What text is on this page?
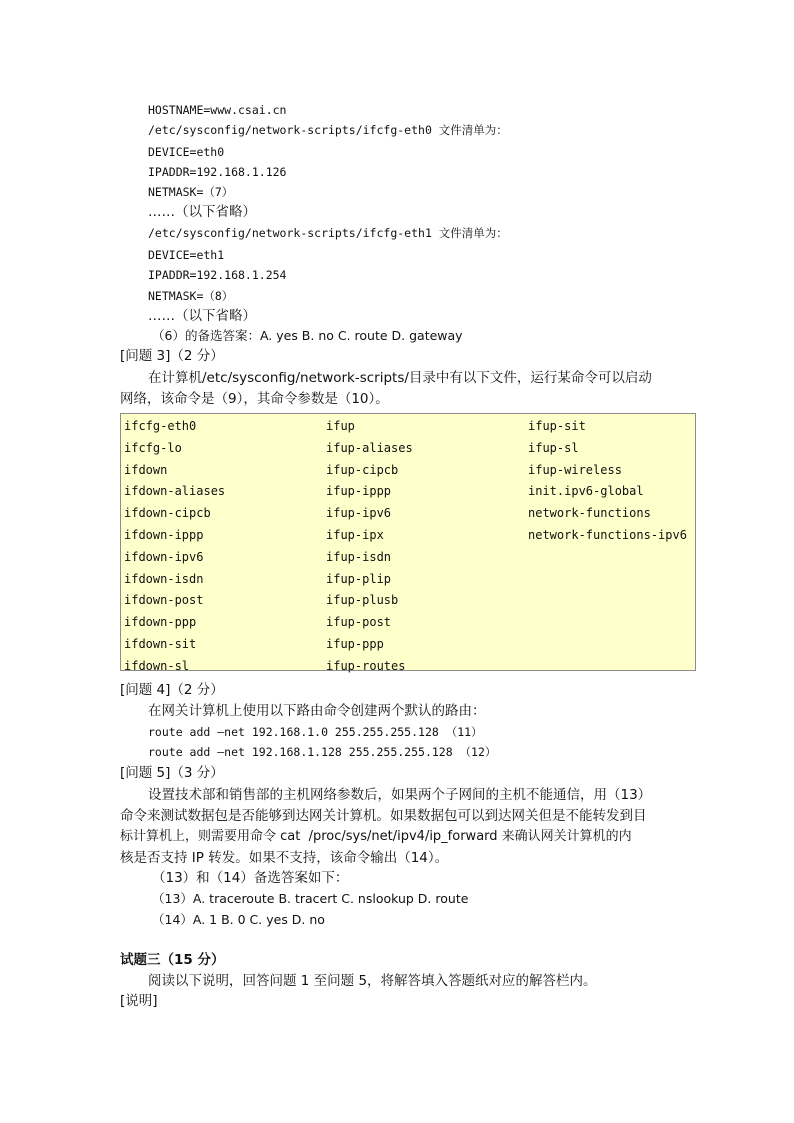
HOSTNAME=www.csai.cn
/etc/sysconfig/network-scripts/ifcfg-eth0 文件清单为：
DEVICE=eth0
IPADDR=192.168.1.126
NETMASK=（7）
……（以下省略）
/etc/sysconfig/network-scripts/ifcfg-eth1 文件清单为：
DEVICE=eth1
IPADDR=192.168.1.254
NETMASK=（8）
……（以下省略）
（6）的备选答案：A. yes B. no C. route D. gateway
[问题 3]（2 分）
在计算机/etc/sysconfig/network-scripts/目录中有以下文件，运行某命令可以启动
网络，该命令是（9），其命令参数是（10）。
ifcfg-eth0
ifcfg-lo
ifdown
ifdown-aliases
ifdown-cipcb
ifdown-ippp
ifdown-ipv6
ifdown-isdn
ifdown-post
ifdown-ppp
ifdown-sit
ifdown-sl
ifup
ifup-aliases
ifup-cipcb
ifup-ippp
ifup-ipv6
ifup-ipx
ifup-isdn
ifup-plip
ifup-plusb
ifup-post
ifup-ppp
ifup-routes
ifup-sit
ifup-sl
ifup-wireless
init.ipv6-global
network-functions
network-functions-ipv6
[问题 4]（2 分）
在网关计算机上使用以下路由命令创建两个默认的路由：
route add –net 192.168.1.0 255.255.255.128 （11）
route add –net 192.168.1.128 255.255.255.128 （12）
[问题 5]（3 分）
设置技术部和销售部的主机网络参数后，如果两个子网间的主机不能通信，用（13）
命令来测试数据包是否能够到达网关计算机。如果数据包可以到达网关但是不能转发到目
标计算机上，则需要用命令 cat  /proc/sys/net/ipv4/ip_forward 来确认网关计算机的内
核是否支持 IP 转发。如果不支持，该命令输出（14）。
（13）和（14）备选答案如下：
（13）A. traceroute B. tracert C. nslookup D. route
（14）A. 1 B. 0 C. yes D. no
试题三（15 分）
阅读以下说明，回答问题 1 至问题 5，将解答填入答题纸对应的解答栏内。
[说明]
